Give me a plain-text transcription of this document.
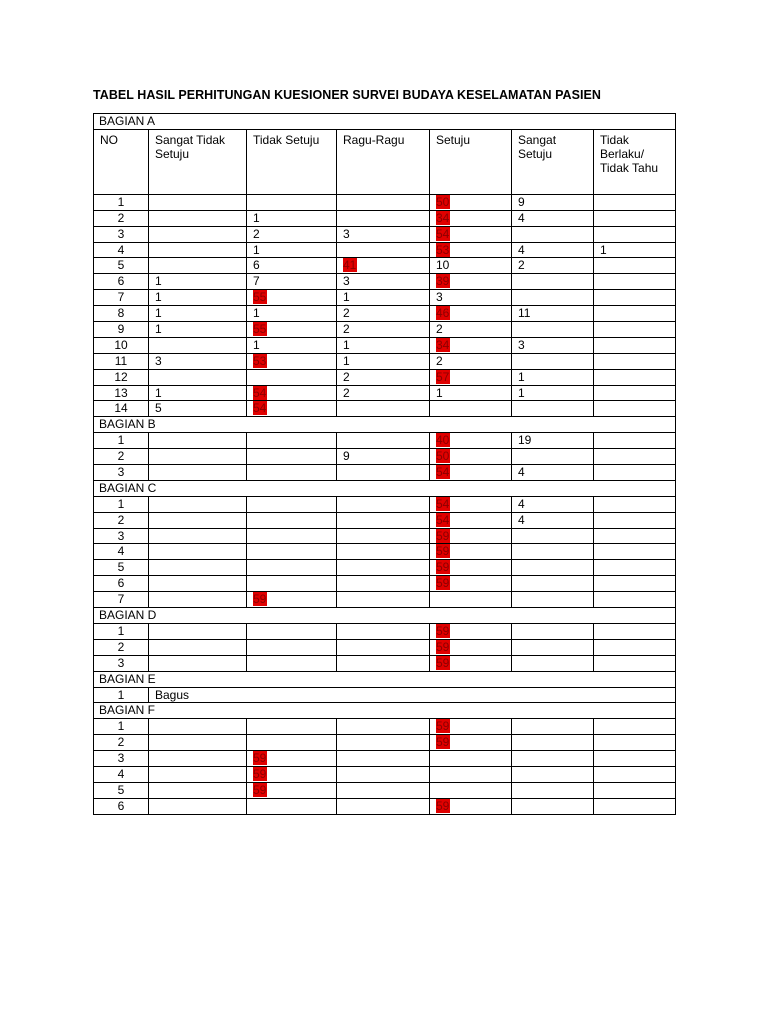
TABEL HASIL PERHITUNGAN KUESIONER SURVEI BUDAYA KESELAMATAN PASIEN
BAGIAN A						
NO	Sangat Tidak Setuju	Tidak Setuju	Ragu-Ragu	Setuju	Sangat Setuju	Tidak Berlaku/ Tidak Tahu
1				50	9	
2		1		34	4	
3		2	3	54		
4		1		53	4	1
5		6	41	10	2	
6	1	7	3	39		
7	1	55	1	3		
8	1	1	2	46	11	
9	1	55	2	2		
10		1	1	34	3	
11	3	53	1	2		
12			2	57	1	
13	1	54	2	1	1	
14	5	54				
BAGIAN B						
1				40	19	
2			9	50		
3				54	4	
BAGIAN C						
1				54	4	
2				54	4	
3				59		
4				59		
5				59		
6				59		
7		59				
BAGIAN D						
1				59		
2				59		
3				59		
BAGIAN E						
1	Bagus					
BAGIAN F						
1				59		
2				59		
3		59				
4		59				
5		59				
6				59		
